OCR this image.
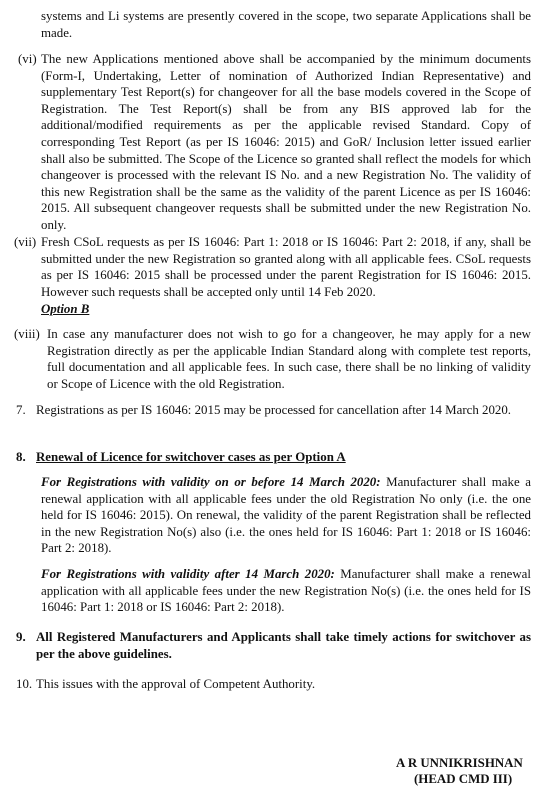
systems and Li systems are presently covered in the scope, two separate Applications shall be made.

(vi) The new Applications mentioned above shall be accompanied by the minimum documents (Form-I, Undertaking, Letter of nomination of Authorized Indian Representative) and supplementary Test Report(s) for changeover for all the base models covered in the Scope of Registration. The Test Report(s) shall be from any BIS approved lab for the additional/modified requirements as per the applicable revised Standard. Copy of corresponding Test Report (as per IS 16046: 2015) and GoR/ Inclusion letter issued earlier shall also be submitted. The Scope of the Licence so granted shall reflect the models for which changeover is processed with the relevant IS No. and a new Registration No. The validity of this new Registration shall be the same as the validity of the parent Licence as per IS 16046: 2015. All subsequent changeover requests shall be submitted under the new Registration No. only.

(vii) Fresh CSoL requests as per IS 16046: Part 1: 2018 or IS 16046: Part 2: 2018, if any, shall be submitted under the new Registration so granted along with all applicable fees. CSoL requests as per IS 16046: 2015 shall be processed under the parent Registration for IS 16046: 2015. However such requests shall be accepted only until 14 Feb 2020.

Option B
(viii) In case any manufacturer does not wish to go for a changeover, he may apply for a new Registration directly as per the applicable Indian Standard along with complete test reports, full documentation and all applicable fees. In such case, there shall be no linking of validity or Scope of Licence with the old Registration.

7. Registrations as per IS 16046: 2015 may be processed for cancellation after 14 March 2020.

8. Renewal of Licence for switchover cases as per Option A

For Registrations with validity on or before 14 March 2020: Manufacturer shall make a renewal application with all applicable fees under the old Registration No only (i.e. the one held for IS 16046: 2015). On renewal, the validity of the parent Registration shall be reflected in the new Registration No(s) also (i.e. the ones held for IS 16046: Part 1: 2018 or IS 16046: Part 2: 2018).

For Registrations with validity after 14 March 2020: Manufacturer shall make a renewal application with all applicable fees under the new Registration No(s) (i.e. the ones held for IS 16046: Part 1: 2018 or IS 16046: Part 2: 2018).

9. All Registered Manufacturers and Applicants shall take timely actions for switchover as per the above guidelines.

10. This issues with the approval of Competent Authority.

A R UNNIKRISHNAN
(HEAD CMD III)
